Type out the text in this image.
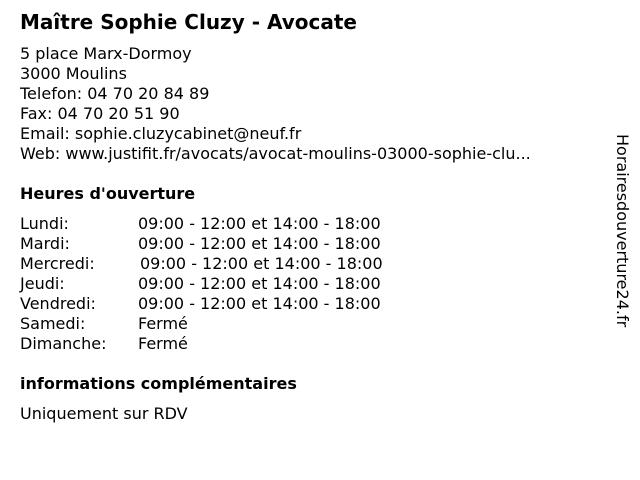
Maître Sophie Cluzy - Avocate
5 place Marx-Dormoy
3000 Moulins
Telefon: 04 70 20 84 89
Fax: 04 70 20 51 90
Email: sophie.cluzycabinet@neuf.fr
Web: www.justifit.fr/avocats/avocat-moulins-03000-sophie-clu...
Heures d'ouverture
Lundi:	09:00 - 12:00 et 14:00 - 18:00
Mardi:	09:00 - 12:00 et 14:00 - 18:00
Mercredi:	09:00 - 12:00 et 14:00 - 18:00
Jeudi:	09:00 - 12:00 et 14:00 - 18:00
Vendredi:	09:00 - 12:00 et 14:00 - 18:00
Samedi:	Fermé
Dimanche: Fermé
informations complémentaires
Uniquement sur RDV
Horairesdouverture24.fr
